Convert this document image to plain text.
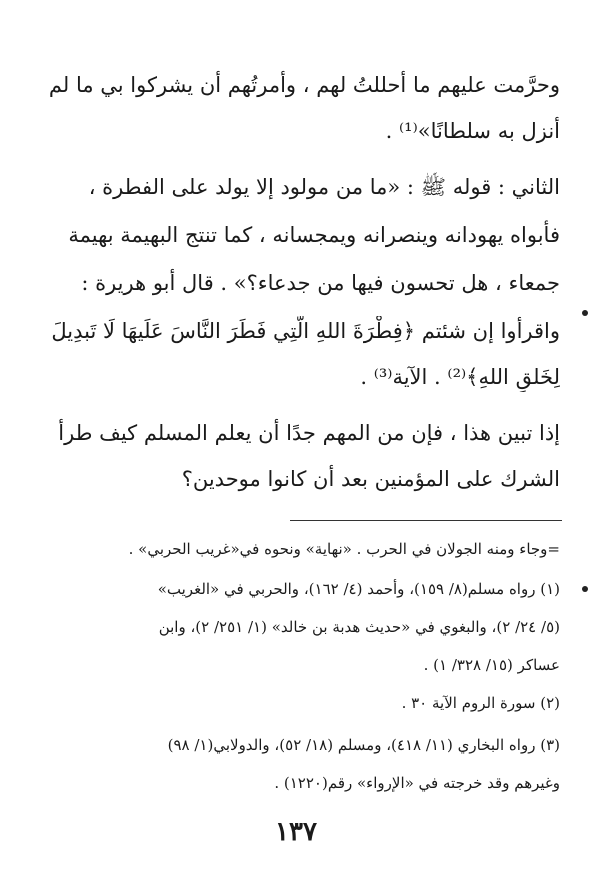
وحرَّمت عليهم ما أحللتُ لهم ، وأمرتُهم أن يشركوا بي ما لم
أنزل به سلطانًا»⁽¹⁾ .
الثاني : قوله ﷺ : «ما من مولود إلا يولد على الفطرة ،
فأبواه يهودانه وينصرانه ويمجسانه ، كما تنتج البهيمة بهيمة
جمعاء ، هل تحسون فيها من جدعاء؟» . قال أبو هريرة :
واقرأوا إن شئتم ﴿فِطْرَةَ اللهِ الَّتِي فَطَرَ النَّاسَ عَلَيهَا لَا تَبدِيلَ
لِخَلقِ اللهِ﴾⁽²⁾ . الآية⁽³⁾ .
إذا تبين هذا ، فإن من المهم جدًا أن يعلم المسلم كيف طرأ
الشرك على المؤمنين بعد أن كانوا موحدين؟
=وجاء ومنه الجولان في الحرب . «نهاية» ونحوه في«غريب الحربي» .
(١) رواه مسلم(٨/ ١٥٩)، وأحمد (٤/ ١٦٢)، والحربي في «الغريب»
(٥/ ٢٤/ ٢)، والبغوي في «حديث هدبة بن خالد» (١/ ٢٥١/ ٢)، وابن
عساكر (١٥/ ٣٢٨/ ١) .
(٢) سورة الروم الآية ٣٠ .
(٣) رواه البخاري (١١/ ٤١٨)، ومسلم (١٨/ ٥٢)، والدولابي(١/ ٩٨)
وغيرهم وقد خرجته في «الإرواء» رقم(١٢٢٠) .
١٣٧
